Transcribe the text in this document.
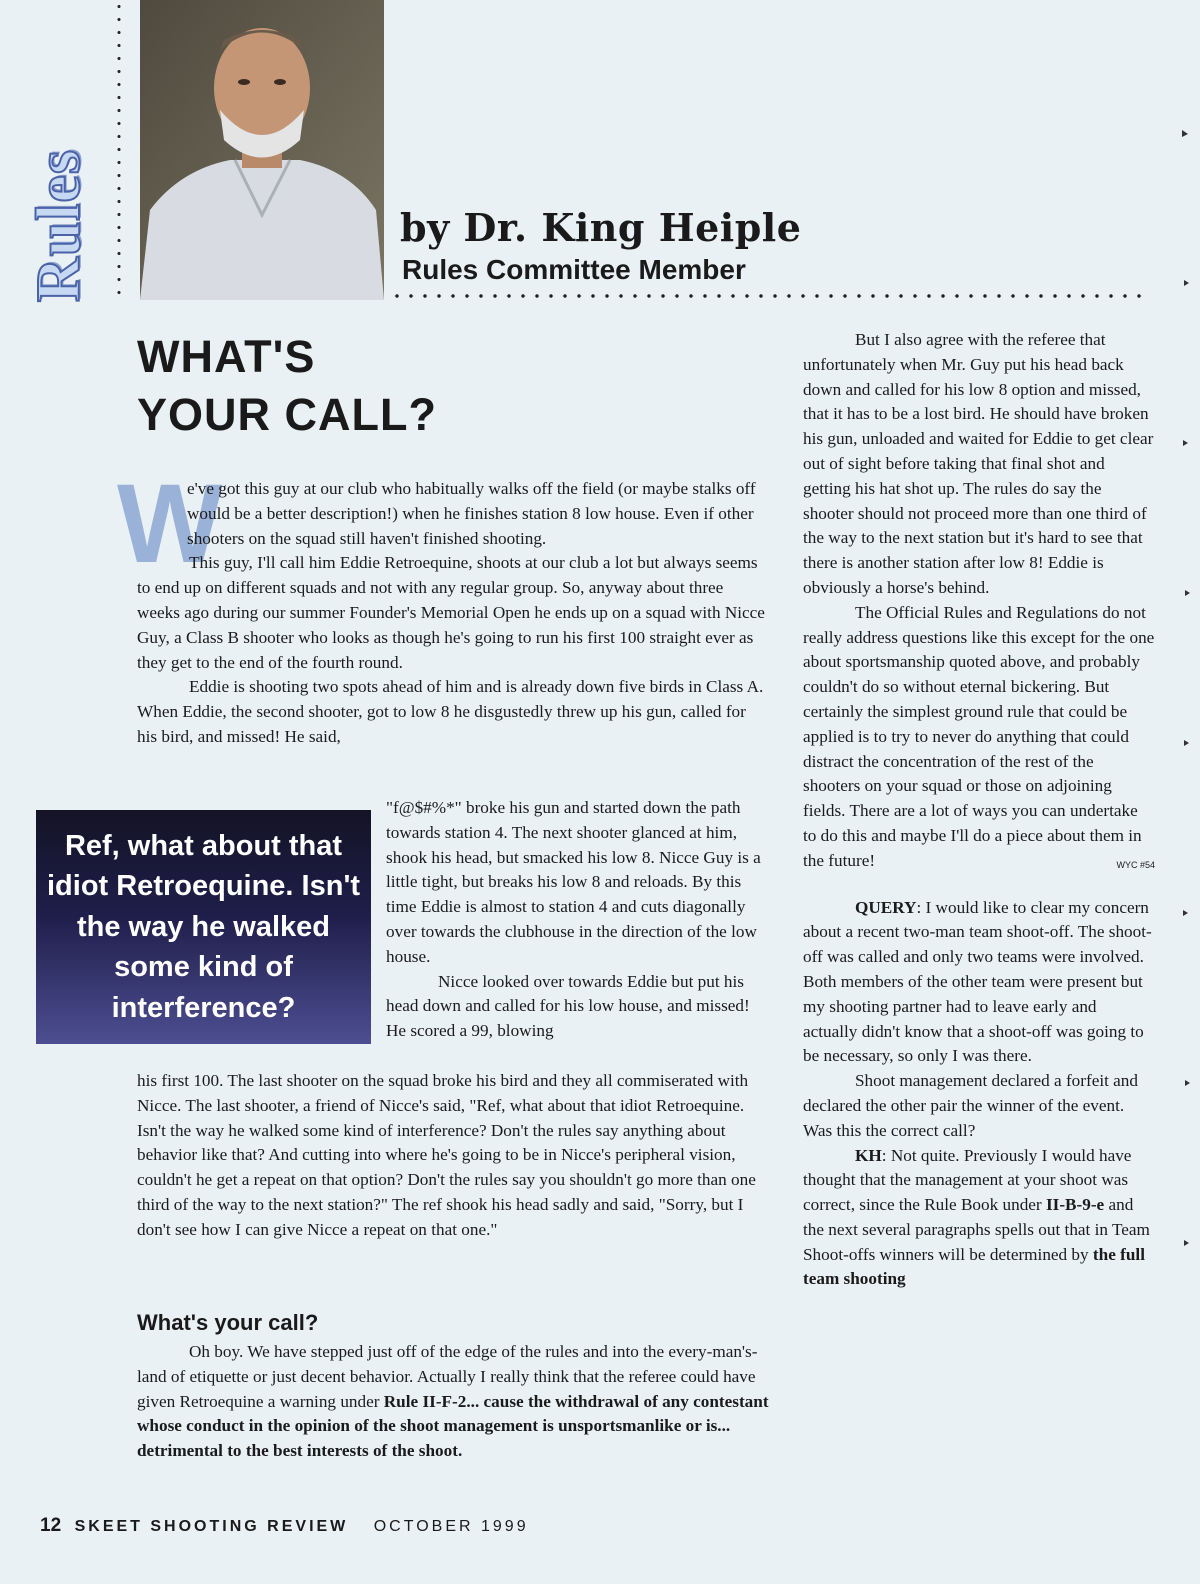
Rules	by Dr. King Heiple
Rules Committee Member
WHAT'S
YOUR CALL?
W

e've got this guy at our club who habitually walks off the field (or maybe stalks off would be a better description!) when he finishes station 8 low house. Even if other shooters on the squad still haven't finished shooting.

This guy, I'll call him Eddie Retroequine, shoots at our club a lot but always seems to end up on different squads and not with any regular group. So, anyway about three weeks ago during our summer Founder's Memorial Open he ends up on a squad with Nicce Guy, a Class B shooter who looks as though he's going to run his first 100 straight ever as they get to the end of the fourth round.

Eddie is shooting two spots ahead of him and is already down five birds in Class A. When Eddie, the second shooter, got to low 8 he disgustedly threw up his gun, called for his bird, and missed! He said,

Ref, what about that idiot Retroequine. Isn't the way he walked some kind of interference?

"f@$#%*" broke his gun and started down the path towards station 4. The next shooter glanced at him, shook his head, but smacked his low 8. Nicce Guy is a little tight, but breaks his low 8 and reloads. By this time Eddie is almost to station 4 and cuts diagonally over towards the clubhouse in the direction of the low house.

Nicce looked over towards Eddie but put his head down and called for his low house, and missed! He scored a 99, blowing

his first 100. The last shooter on the squad broke his bird and they all commiserated with Nicce. The last shooter, a friend of Nicce's said, "Ref, what about that idiot Retroequine. Isn't the way he walked some kind of interference? Don't the rules say anything about behavior like that? And cutting into where he's going to be in Nicce's peripheral vision, couldn't he get a repeat on that option? Don't the rules say you shouldn't go more than one third of the way to the next station?" The ref shook his head sadly and said, "Sorry, but I don't see how I can give Nicce a repeat on that one."

What's your call?

Oh boy. We have stepped just off of the edge of the rules and into the every-man's-land of etiquette or just decent behavior. Actually I really think that the referee could have given Retroequine a warning under Rule II-F-2... cause the withdrawal of any contestant whose conduct in the opinion of the shoot management is unsportsmanlike or is... detrimental to the best interests of the shoot.

But I also agree with the referee that unfortunately when Mr. Guy put his head back down and called for his low 8 option and missed, that it has to be a lost bird. He should have broken his gun, unloaded and waited for Eddie to get clear out of sight before taking that final shot and getting his hat shot up. The rules do say the shooter should not proceed more than one third of the way to the next station but it's hard to see that there is another station after low 8! Eddie is obviously a horse's behind.

The Official Rules and Regulations do not really address questions like this except for the one about sportsmanship quoted above, and probably couldn't do so without eternal bickering. But certainly the simplest ground rule that could be applied is to try to never do anything that could distract the concentration of the rest of the shooters on your squad or those on adjoining fields. There are a lot of ways you can undertake to do this and maybe I'll do a piece about them in the future!	WYC #54

QUERY: I would like to clear my concern about a recent two-man team shoot-off. The shoot-off was called and only two teams were involved. Both members of the other team were present but my shooting partner had to leave early and actually didn't know that a shoot-off was going to be necessary, so only I was there.

Shoot management declared a forfeit and declared the other pair the winner of the event. Was this the correct call?

KH: Not quite. Previously I would have thought that the management at your shoot was correct, since the Rule Book under II-B-9-e and the next several paragraphs spells out that in Team Shoot-offs winners will be determined by the full team shooting

12 SKEET SHOOTING REVIEW OCTOBER 1999
